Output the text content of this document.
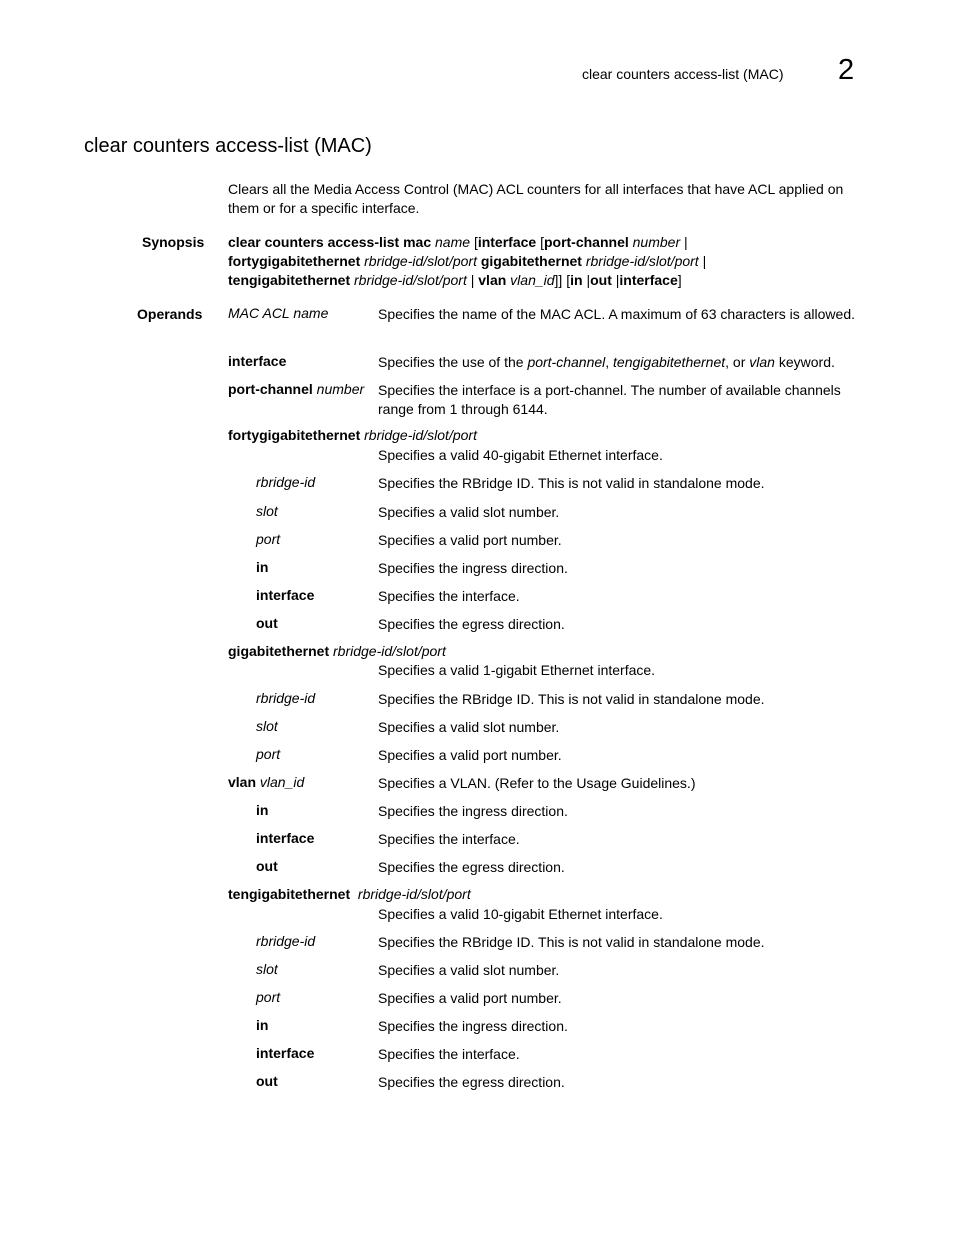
clear counters access-list (MAC) 2
clear counters access-list (MAC)
Clears all the Media Access Control (MAC) ACL counters for all interfaces that have ACL applied on them or for a specific interface.
Synopsis clear counters access-list mac name [interface [port-channel number |
fortygigabitethernet rbridge-id/slot/port gigabitethernet rbridge-id/slot/port |
tengigabitethernet rbridge-id/slot/port | vlan vlan_id]] [in |out |interface]
Operands MAC ACL name	Specifies the name of the MAC ACL. A maximum of 63 characters is allowed.
interface	Specifies the use of the port-channel, tengigabitethernet, or vlan keyword.
port-channel number Specifies the interface is a port-channel. The number of available channels range from 1 through 6144.
fortygigabitethernet rbridge-id/slot/port
Specifies a valid 40-gigabit Ethernet interface.
rbridge-id	Specifies the RBridge ID. This is not valid in standalone mode.
slot	Specifies a valid slot number.
port	Specifies a valid port number.
in	Specifies the ingress direction.
interface	Specifies the interface.
out	Specifies the egress direction.
gigabitethernet rbridge-id/slot/port
Specifies a valid 1-gigabit Ethernet interface.
rbridge-id	Specifies the RBridge ID. This is not valid in standalone mode.
slot	Specifies a valid slot number.
port	Specifies a valid port number.
vlan vlan_id	Specifies a VLAN. (Refer to the Usage Guidelines.)
in	Specifies the ingress direction.
interface	Specifies the interface.
out	Specifies the egress direction.
tengigabitethernet rbridge-id/slot/port
Specifies a valid 10-gigabit Ethernet interface.
rbridge-id	Specifies the RBridge ID. This is not valid in standalone mode.
slot	Specifies a valid slot number.
port	Specifies a valid port number.
in	Specifies the ingress direction.
interface	Specifies the interface.
out	Specifies the egress direction.
